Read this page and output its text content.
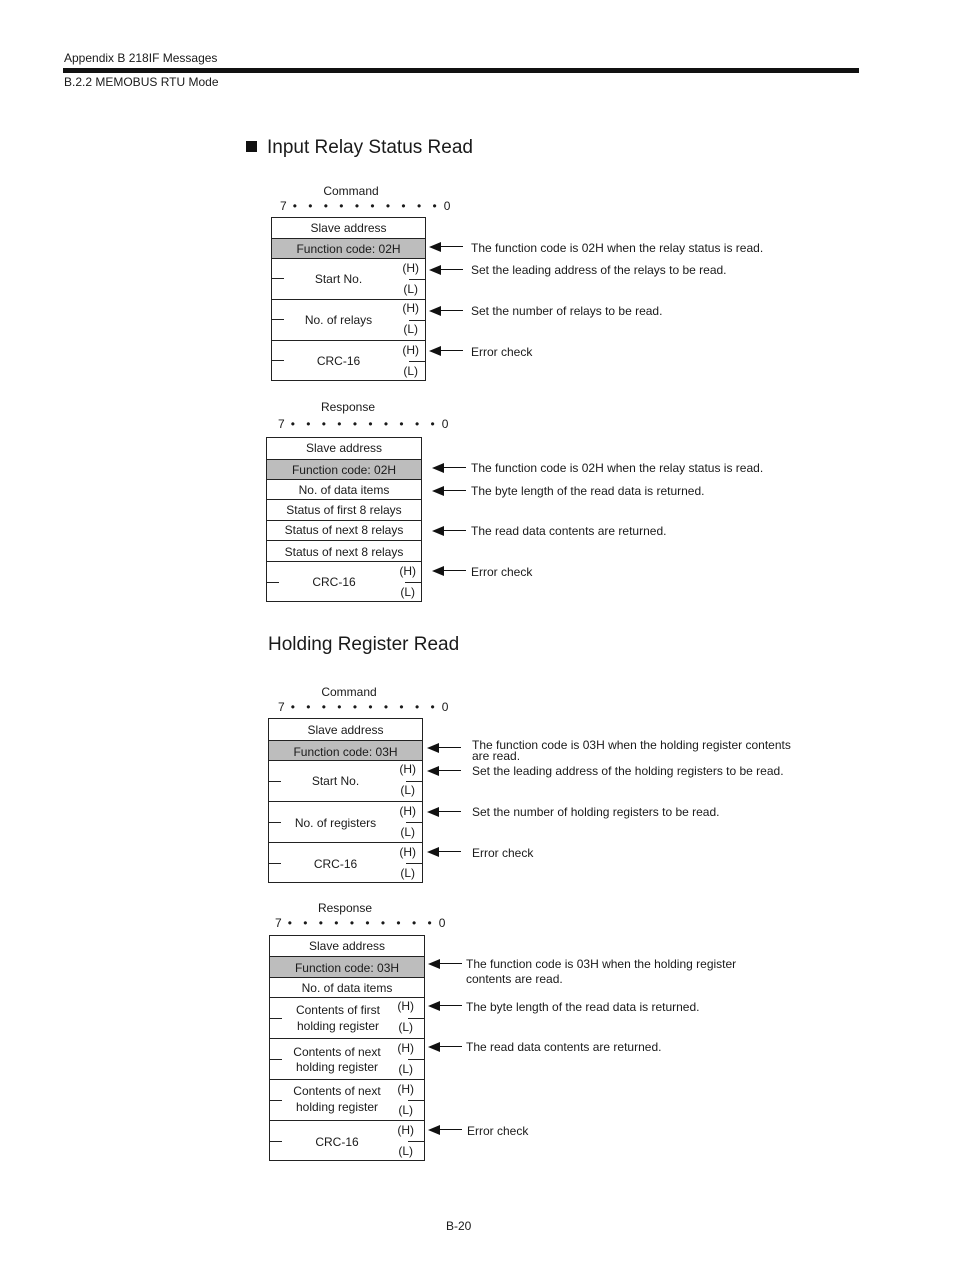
Appendix B 218IF Messages
B.2.2 MEMOBUS RTU Mode
Input Relay Status Read
Command
7 • • • • • • • • • • 0
Slave address
Function code: 02H
Start No.
(H)
(L)
No. of relays
(H)
(L)
CRC-16
(H)
(L)
The function code is 02H when the relay status is read.
Set the leading address of the relays to be read.
Set the number of relays to be read.
Error check
Response
7 • • • • • • • • • • 0
Slave address
Function code: 02H
No. of data items
Status of first 8 relays
Status of next 8 relays
Status of next 8 relays
CRC-16
(H)
(L)
The function code is 02H when the relay status is read.
The byte length of the read data is returned.
The read data contents are returned.
Error check
Holding Register Read
Command
7 • • • • • • • • • • 0
Slave address
Function code: 03H
Start No.
(H)
(L)
No. of registers
(H)
(L)
CRC-16
(H)
(L)
The function code is 03H when the holding register contents
are read.
Set the leading address of the holding registers to be read.
Set the number of holding registers to be read.
Error check
Response
7 • • • • • • • • • • 0
Slave address
Function code: 03H
No. of data items
Contents of first
holding register
(H)
(L)
Contents of next
holding register
(H)
(L)
Contents of next
holding register
(H)
(L)
CRC-16
(H)
(L)
The function code is 03H when the holding register
contents are read.
The byte length of the read data is returned.
The read data contents are returned.
Error check
B-20
